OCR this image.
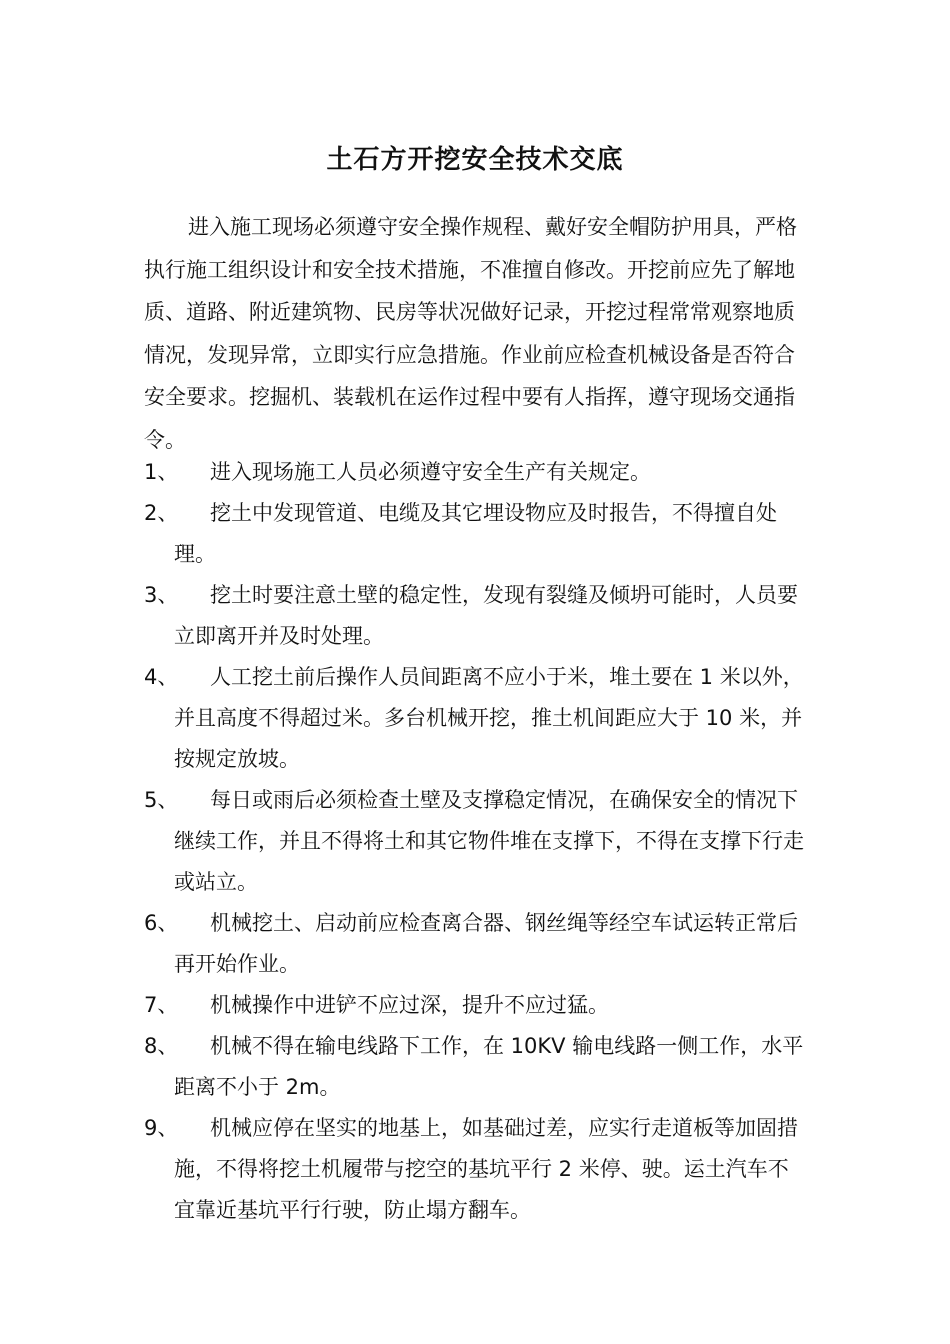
土石方开挖安全技术交底

进入施工现场必须遵守安全操作规程、戴好安全帽防护用具，严格执行施工组织设计和安全技术措施，不准擅自修改。开挖前应先了解地质、道路、附近建筑物、民房等状况做好记录，开挖过程常常观察地质情况，发现异常，立即实行应急措施。作业前应检查机械设备是否符合安全要求。挖掘机、装载机在运作过程中要有人指挥，遵守现场交通指令。

1、	进入现场施工人员必须遵守安全生产有关规定。
2、	挖土中发现管道、电缆及其它埋设物应及时报告，不得擅自处理。
3、	挖土时要注意土壁的稳定性，发现有裂缝及倾坍可能时，人员要立即离开并及时处理。
4、	人工挖土前后操作人员间距离不应小于米，堆土要在 1 米以外，并且高度不得超过米。多台机械开挖，推土机间距应大于 10 米，并按规定放坡。
5、	每日或雨后必须检查土壁及支撑稳定情况，在确保安全的情况下继续工作，并且不得将土和其它物件堆在支撑下，不得在支撑下行走或站立。
6、	机械挖土、启动前应检查离合器、钢丝绳等经空车试运转正常后再开始作业。
7、	机械操作中进铲不应过深，提升不应过猛。
8、	机械不得在输电线路下工作，在 10KV 输电线路一侧工作，水平距离不小于 2m。
9、	机械应停在坚实的地基上，如基础过差，应实行走道板等加固措施，不得将挖土机履带与挖空的基坑平行 2 米停、驶。运土汽车不宜靠近基坑平行行驶，防止塌方翻车。
